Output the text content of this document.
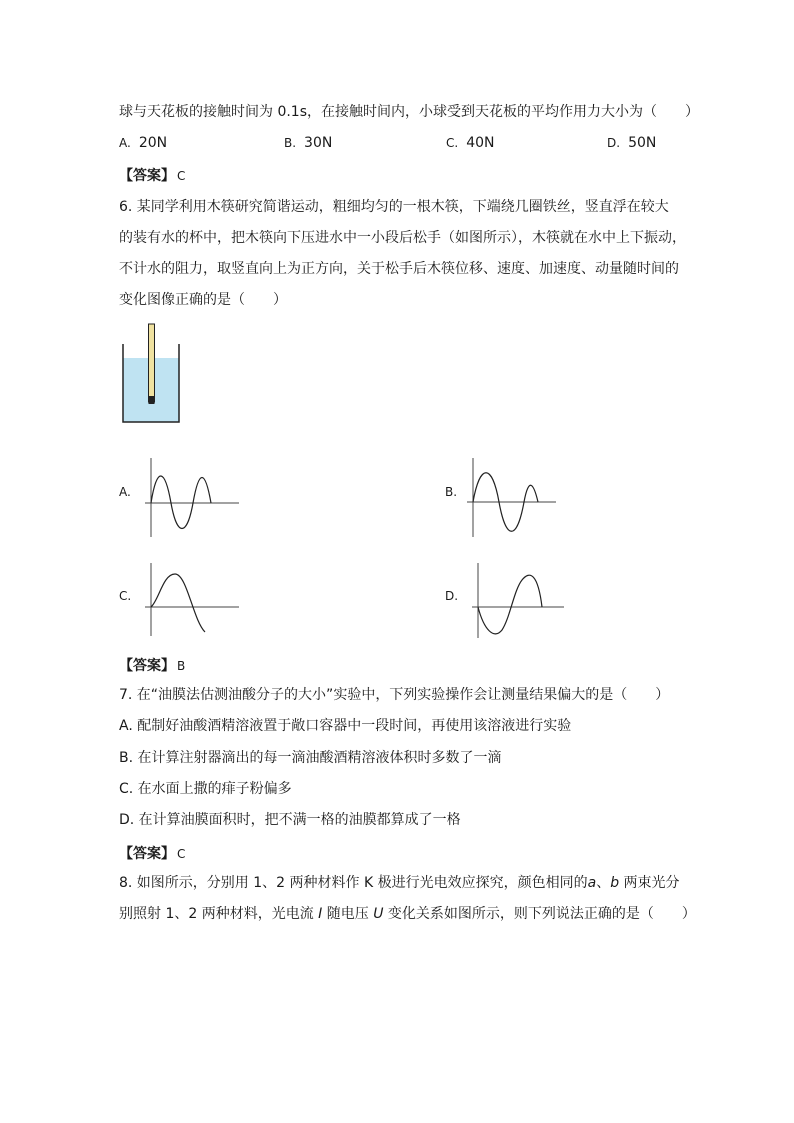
球与天花板的接触时间为 0.1s，在接触时间内，小球受到天花板的平均作用力大小为（　　）
A. 20N	B. 30N	C. 40N	D. 50N
【答案】 C
6. 某同学利用木筷研究简谐运动，粗细均匀的一根木筷，下端绕几圈铁丝，竖直浮在较大
的装有水的杯中，把木筷向下压进水中一小段后松手（如图所示），木筷就在水中上下振动，
不计水的阻力，取竖直向上为正方向，关于松手后木筷位移、速度、加速度、动量随时间的
变化图像正确的是（　　）
A.	B.
C.	D.
【答案】 B
7. 在“油膜法估测油酸分子的大小”实验中，下列实验操作会让测量结果偏大的是（　　）
A. 配制好油酸酒精溶液置于敞口容器中一段时间，再使用该溶液进行实验
B. 在计算注射器滴出的每一滴油酸酒精溶液体积时多数了一滴
C. 在水面上撒的痱子粉偏多
D. 在计算油膜面积时，把不满一格的油膜都算成了一格
【答案】 C
8. 如图所示，分别用 1、2 两种材料作 K 极进行光电效应探究，颜色相同的a、b 两束光分
别照射 1、2 两种材料，光电流 I 随电压 U 变化关系如图所示，则下列说法正确的是（　　）
